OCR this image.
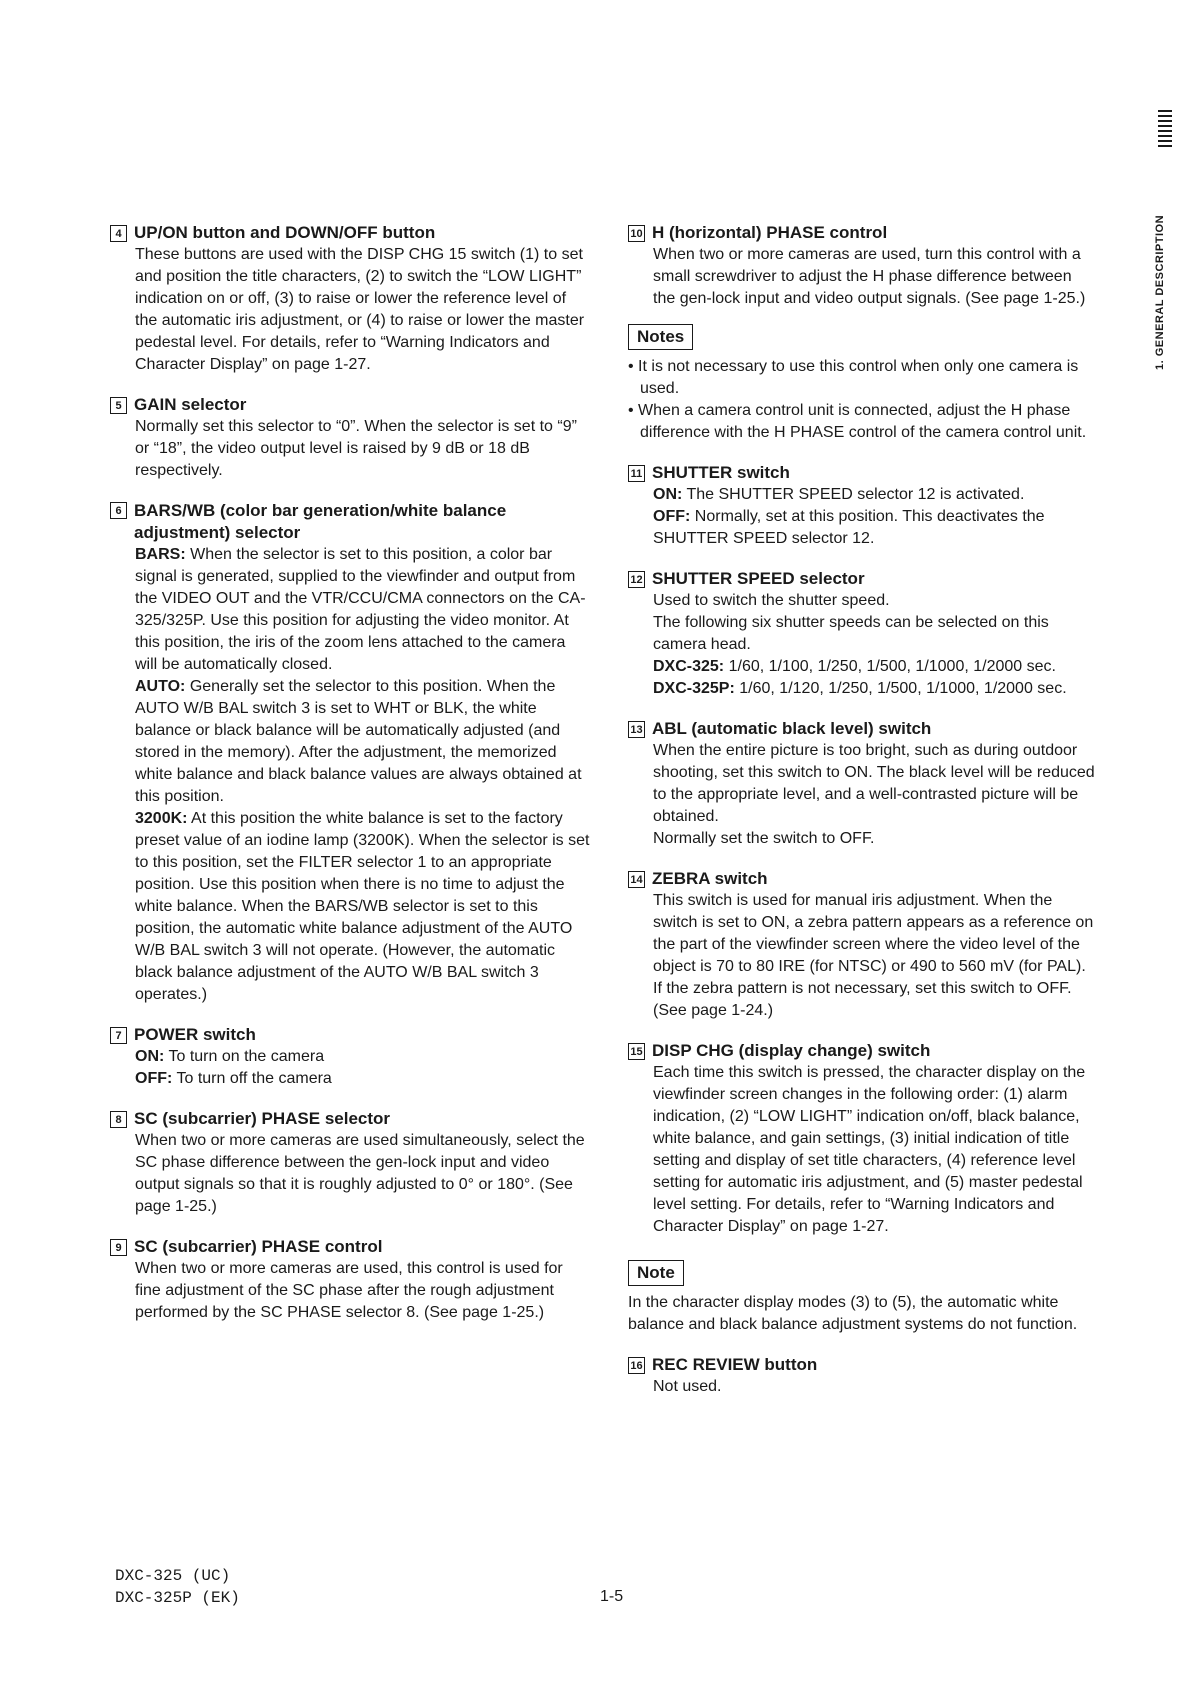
1. GENERAL DESCRIPTION
4 UP/ON button and DOWN/OFF button

These buttons are used with the DISP CHG 15 switch (1) to set and position the title characters, (2) to switch the “LOW LIGHT” indication on or off, (3) to raise or lower the reference level of the automatic iris adjustment, or (4) to raise or lower the master pedestal level. For details, refer to “Warning Indicators and Character Display” on page 1-27.

5 GAIN selector

Normally set this selector to “0”. When the selector is set to “9” or “18”, the video output level is raised by 9 dB or 18 dB respectively.

6 BARS/WB (color bar generation/white balance adjustment) selector

BARS: When the selector is set to this position, a color bar signal is generated, supplied to the viewfinder and output from the VIDEO OUT and the VTR/CCU/CMA connectors on the CA-325/325P. Use this position for adjusting the video monitor. At this position, the iris of the zoom lens attached to the camera will be automatically closed.

AUTO: Generally set the selector to this position. When the AUTO W/B BAL switch 3 is set to WHT or BLK, the white balance or black balance will be automatically adjusted (and stored in the memory). After the adjustment, the memorized white balance and black balance values are always obtained at this position.

3200K: At this position the white balance is set to the factory preset value of an iodine lamp (3200K). When the selector is set to this position, set the FILTER selector 1 to an appropriate position. Use this position when there is no time to adjust the white balance. When the BARS/WB selector is set to this position, the automatic white balance adjustment of the AUTO W/B BAL switch 3 will not operate. (However, the automatic black balance adjustment of the AUTO W/B BAL switch 3 operates.)

7 POWER switch

ON: To turn on the camera

OFF: To turn off the camera

8 SC (subcarrier) PHASE selector

When two or more cameras are used simultaneously, select the SC phase difference between the gen-lock input and video output signals so that it is roughly adjusted to 0° or 180°. (See page 1-25.)

9 SC (subcarrier) PHASE control

When two or more cameras are used, this control is used for fine adjustment of the SC phase after the rough adjustment performed by the SC PHASE selector 8. (See page 1-25.)

10 H (horizontal) PHASE control

When two or more cameras are used, turn this control with a small screwdriver to adjust the H phase difference between the gen-lock input and video output signals. (See page 1-25.)

Notes

• It is not necessary to use this control when only one camera is used.

• When a camera control unit is connected, adjust the H phase difference with the H PHASE control of the camera control unit.

11 SHUTTER switch

ON: The SHUTTER SPEED selector 12 is activated.

OFF: Normally, set at this position. This deactivates the SHUTTER SPEED selector 12.

12 SHUTTER SPEED selector

Used to switch the shutter speed.

The following six shutter speeds can be selected on this camera head.

DXC-325: 1/60, 1/100, 1/250, 1/500, 1/1000, 1/2000 sec.

DXC-325P: 1/60, 1/120, 1/250, 1/500, 1/1000, 1/2000 sec.

13 ABL (automatic black level) switch

When the entire picture is too bright, such as during outdoor shooting, set this switch to ON. The black level will be reduced to the appropriate level, and a well-contrasted picture will be obtained.

Normally set the switch to OFF.

14 ZEBRA switch

This switch is used for manual iris adjustment. When the switch is set to ON, a zebra pattern appears as a reference on the part of the viewfinder screen where the video level of the object is 70 to 80 IRE (for NTSC) or 490 to 560 mV (for PAL). If the zebra pattern is not necessary, set this switch to OFF. (See page 1-24.)

15 DISP CHG (display change) switch

Each time this switch is pressed, the character display on the viewfinder screen changes in the following order: (1) alarm indication, (2) “LOW LIGHT” indication on/off, black balance, white balance, and gain settings, (3) initial indication of title setting and display of set title characters, (4) reference level setting for automatic iris adjustment, and (5) master pedestal level setting. For details, refer to “Warning Indicators and Character Display” on page 1-27.

Note

In the character display modes (3) to (5), the automatic white balance and black balance adjustment systems do not function.

16 REC REVIEW button

Not used.

DXC-325 (UC)
DXC-325P (EK)	1-5
